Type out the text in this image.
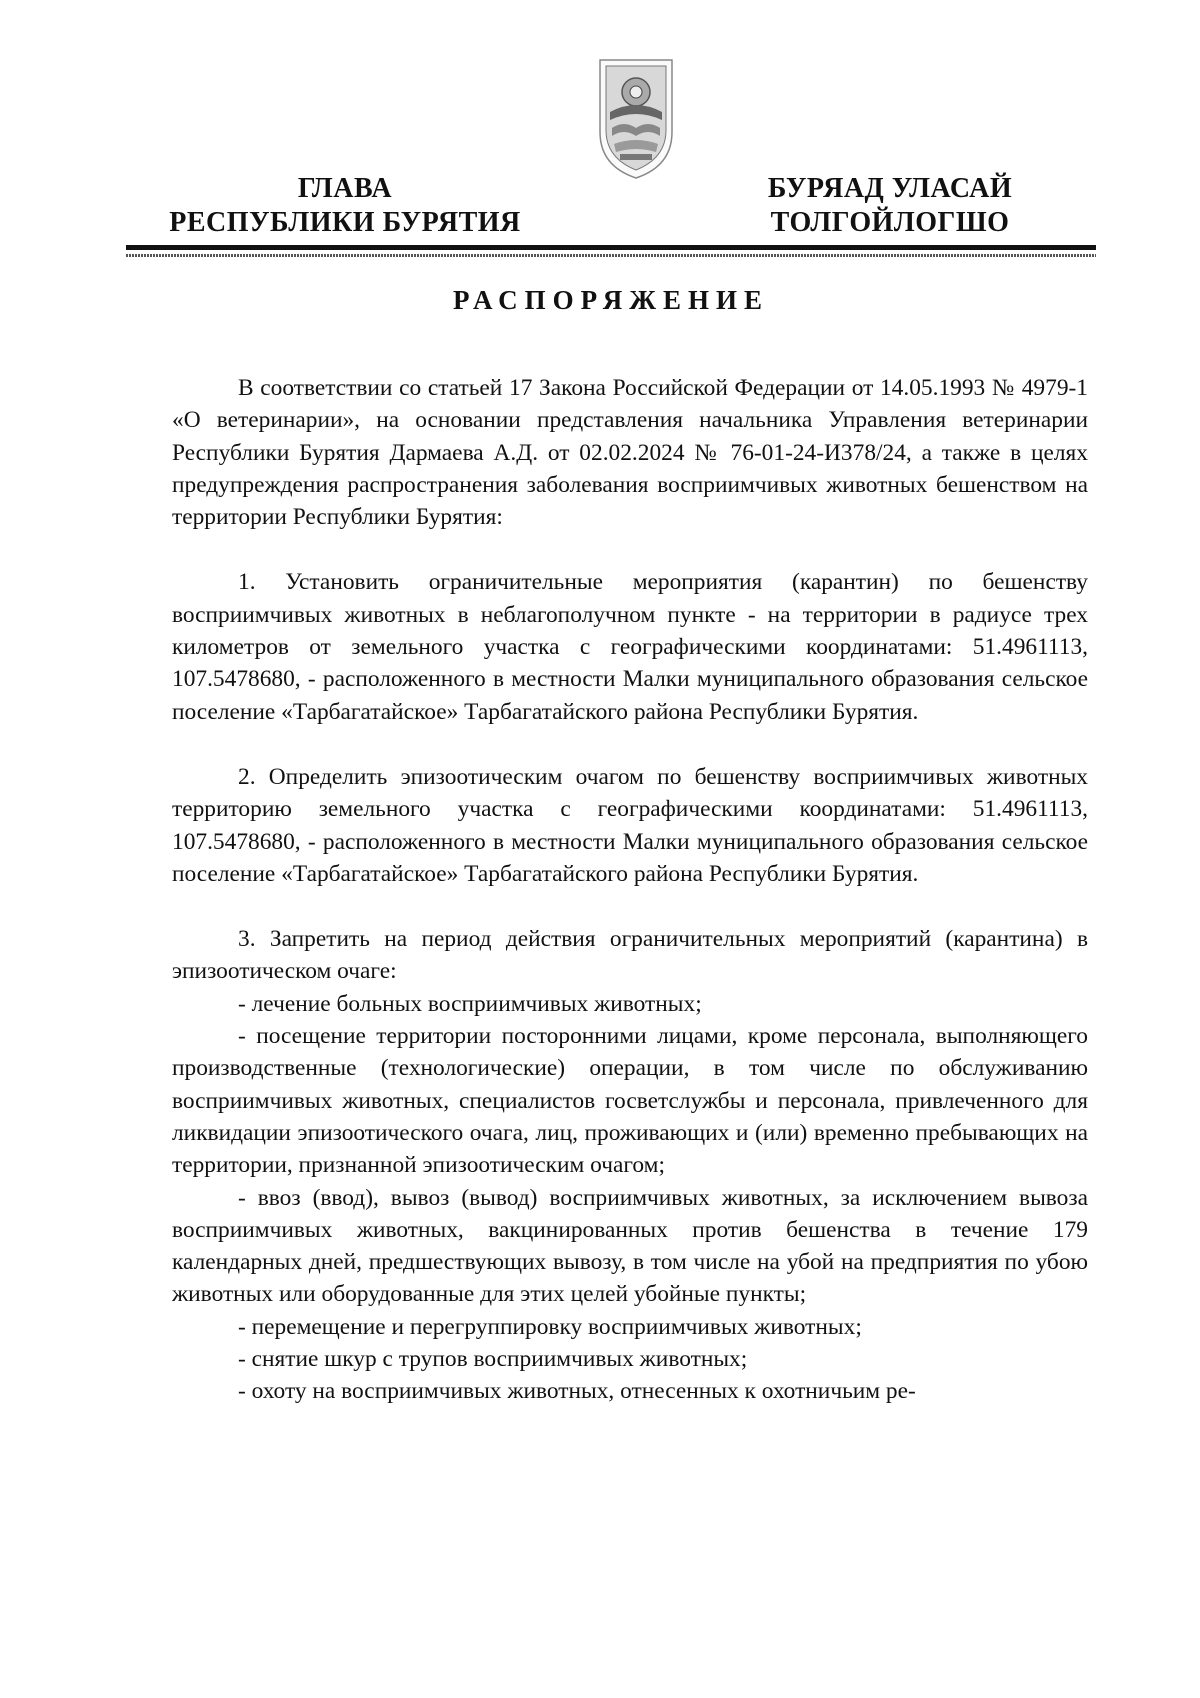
ГЛАВА
РЕСПУБЛИКИ БУРЯТИЯ
БУРЯАД УЛАСАЙ
ТОЛГОЙЛОГШО
РАСПОРЯЖЕНИЕ

В соответствии со статьей 17 Закона Российской Федерации от 14.05.1993 № 4979-1 «О ветеринарии», на основании представления начальника Управления ветеринарии Республики Бурятия Дармаева А.Д. от 02.02.2024 № 76-01-24-И378/24, а также в целях предупреждения распространения заболевания восприимчивых животных бешенством на территории Республики Бурятия:

1. Установить ограничительные мероприятия (карантин) по бешенству восприимчивых животных в неблагополучном пункте - на территории в радиусе трех километров от земельного участка с географическими координатами: 51.4961113, 107.5478680, - расположенного в местности Малки муниципального образования сельское поселение «Тарбагатайское» Тарбагатайского района Республики Бурятия.

2. Определить эпизоотическим очагом по бешенству восприимчивых животных территорию земельного участка с географическими координатами: 51.4961113, 107.5478680, - расположенного в местности Малки муниципального образования сельское поселение «Тарбагатайское» Тарбагатайского района Республики Бурятия.

3. Запретить на период действия ограничительных мероприятий (карантина) в эпизоотическом очаге:

- лечение больных восприимчивых животных;

- посещение территории посторонними лицами, кроме персонала, выполняющего производственные (технологические) операции, в том числе по обслуживанию восприимчивых животных, специалистов госветслужбы и персонала, привлеченного для ликвидации эпизоотического очага, лиц, проживающих и (или) временно пребывающих на территории, признанной эпизоотическим очагом;

- ввоз (ввод), вывоз (вывод) восприимчивых животных, за исключением вывоза восприимчивых животных, вакцинированных против бешенства в течение 179 календарных дней, предшествующих вывозу, в том числе на убой на предприятия по убою животных или оборудованные для этих целей убойные пункты;

- перемещение и перегруппировку восприимчивых животных;

- снятие шкур с трупов восприимчивых животных;

- охоту на восприимчивых животных, отнесенных к охотничьим ре-
